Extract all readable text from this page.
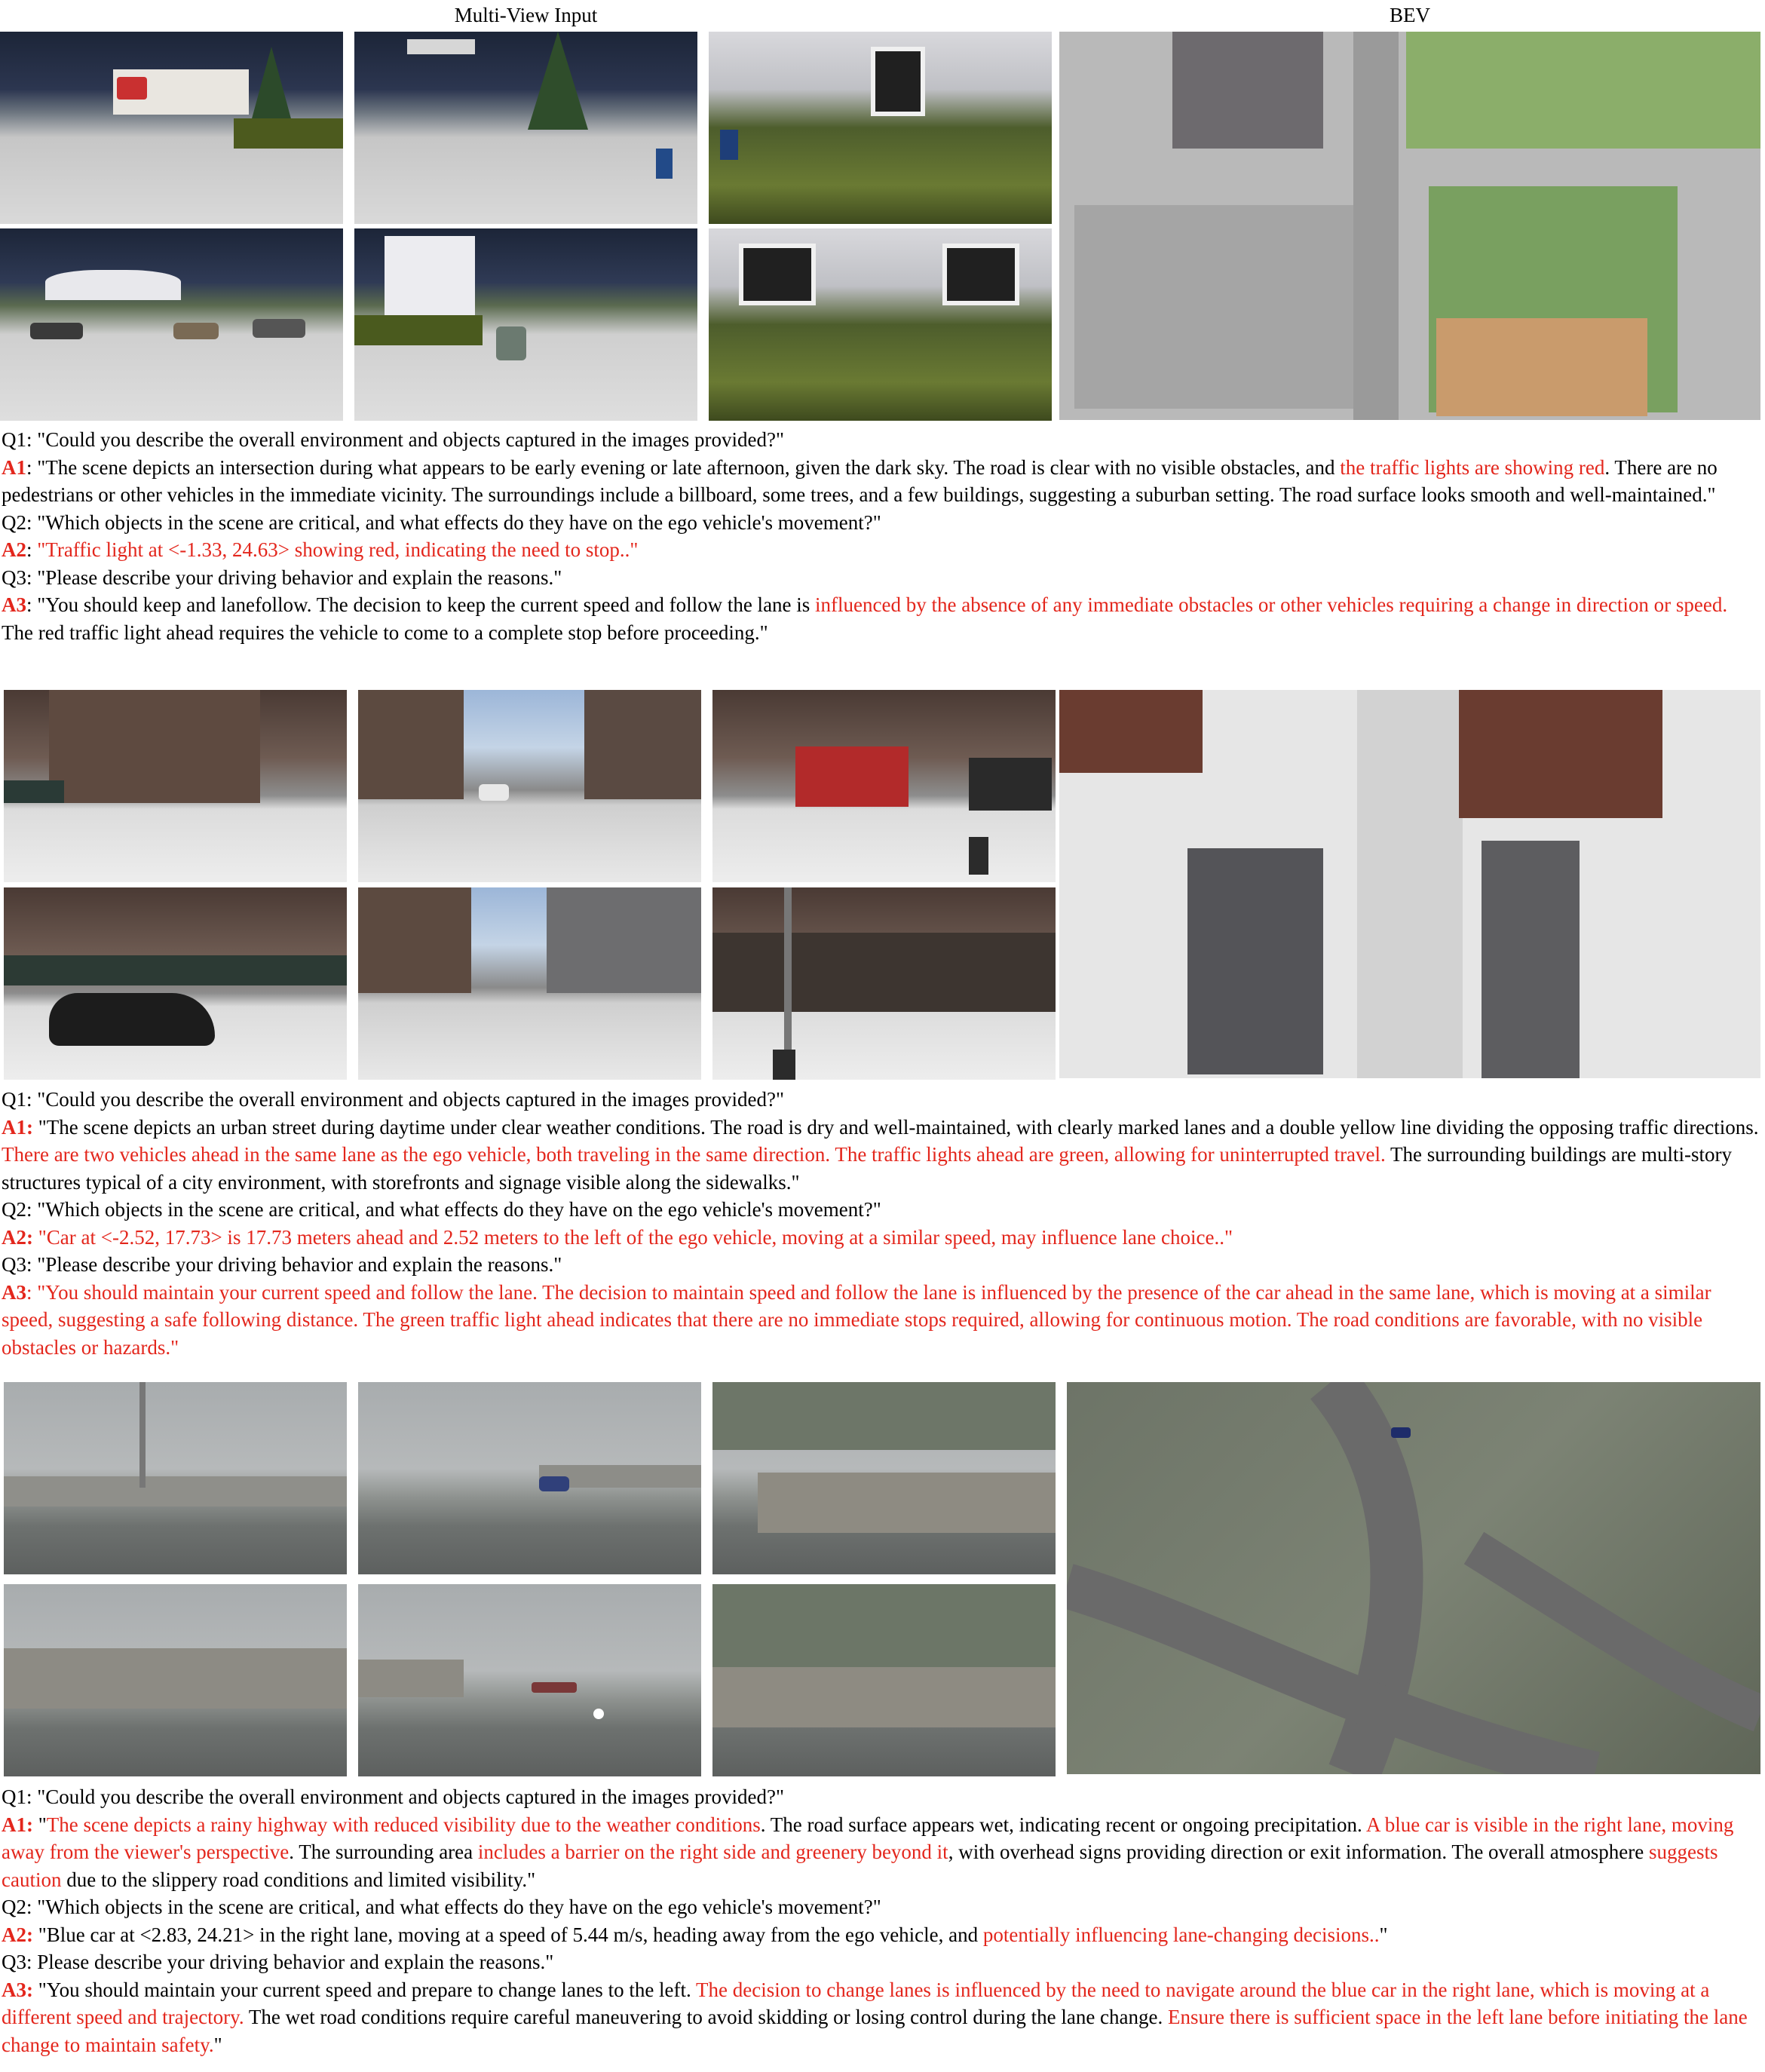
Multi-View Input	BEV

Q1: "Could you describe the overall environment and objects captured in the images provided?"

A1: "The scene depicts an intersection during what appears to be early evening or late afternoon, given the dark sky. The road is clear with no visible obstacles, and the traffic lights are showing red. There are no pedestrians or other vehicles in the immediate vicinity. The surroundings include a billboard, some trees, and a few buildings, suggesting a suburban setting. The road surface looks smooth and well-maintained."

Q2: "Which objects in the scene are critical, and what effects do they have on the ego vehicle's movement?"

A2: "Traffic light at <-1.33, 24.63> showing red, indicating the need to stop.."

Q3: "Please describe your driving behavior and explain the reasons."

A3: "You should keep and lanefollow. The decision to keep the current speed and follow the lane is influenced by the absence of any immediate obstacles or other vehicles requiring a change in direction or speed. The red traffic light ahead requires the vehicle to come to a complete stop before proceeding."

Q1: "Could you describe the overall environment and objects captured in the images provided?"

A1: "The scene depicts an urban street during daytime under clear weather conditions. The road is dry and well-maintained, with clearly marked lanes and a double yellow line dividing the opposing traffic directions. There are two vehicles ahead in the same lane as the ego vehicle, both traveling in the same direction. The traffic lights ahead are green, allowing for uninterrupted travel. The surrounding buildings are multi-story structures typical of a city environment, with storefronts and signage visible along the sidewalks."

Q2: "Which objects in the scene are critical, and what effects do they have on the ego vehicle's movement?"

A2: "Car at <-2.52, 17.73> is 17.73 meters ahead and 2.52 meters to the left of the ego vehicle, moving at a similar speed, may influence lane choice.."

Q3: "Please describe your driving behavior and explain the reasons."

A3: "You should maintain your current speed and follow the lane. The decision to maintain speed and follow the lane is influenced by the presence of the car ahead in the same lane, which is moving at a similar speed, suggesting a safe following distance. The green traffic light ahead indicates that there are no immediate stops required, allowing for continuous motion. The road conditions are favorable, with no visible obstacles or hazards."

Q1: "Could you describe the overall environment and objects captured in the images provided?"

A1: "The scene depicts a rainy highway with reduced visibility due to the weather conditions. The road surface appears wet, indicating recent or ongoing precipitation. A blue car is visible in the right lane, moving away from the viewer's perspective. The surrounding area includes a barrier on the right side and greenery beyond it, with overhead signs providing direction or exit information. The overall atmosphere suggests caution due to the slippery road conditions and limited visibility."

Q2: "Which objects in the scene are critical, and what effects do they have on the ego vehicle's movement?"

A2: "Blue car at <2.83, 24.21> in the right lane, moving at a speed of 5.44 m/s, heading away from the ego vehicle, and potentially influencing lane-changing decisions.."

Q3: Please describe your driving behavior and explain the reasons."

A3: "You should maintain your current speed and prepare to change lanes to the left. The decision to change lanes is influenced by the need to navigate around the blue car in the right lane, which is moving at a different speed and trajectory. The wet road conditions require careful maneuvering to avoid skidding or losing control during the lane change. Ensure there is sufficient space in the left lane before initiating the lane change to maintain safety."
